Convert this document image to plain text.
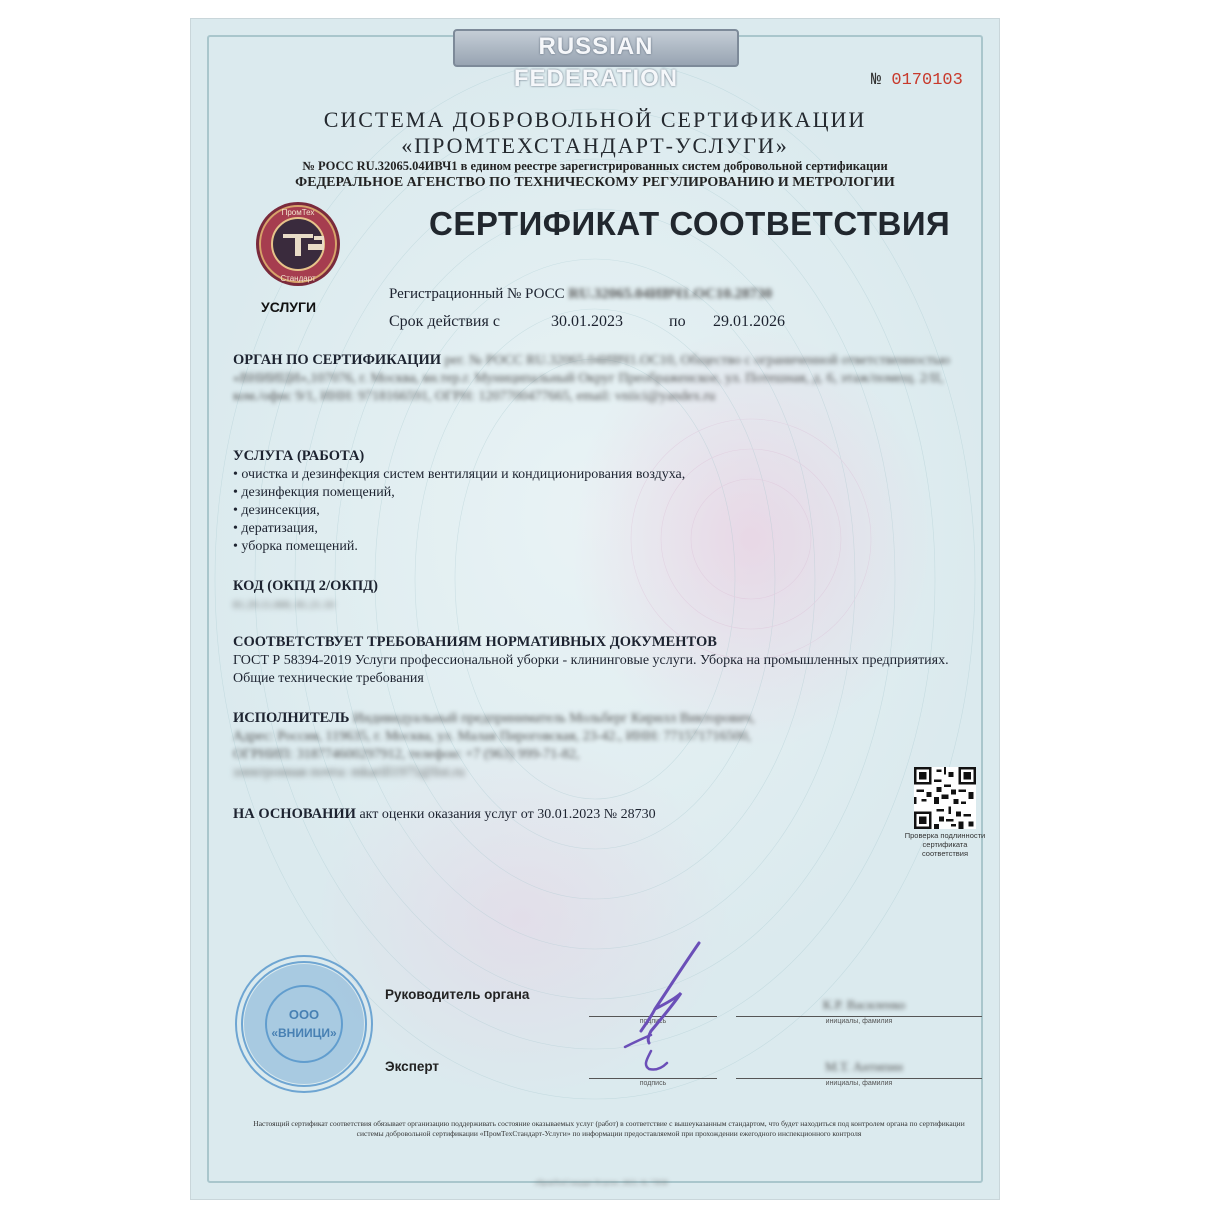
RUSSIAN FEDERATION	№ 0170103
СИСТЕМА ДОБРОВОЛЬНОЙ СЕРТИФИКАЦИИ
«ПРОМТЕХСТАНДАРТ-УСЛУГИ»
№ РОСС RU.32065.04ИВЧ1 в едином реестре зарегистрированных систем добровольной сертификации
ФЕДЕРАЛЬНОЕ АГЕНСТВО ПО ТЕХНИЧЕСКОМУ РЕГУЛИРОВАНИЮ И МЕТРОЛОГИИ
ПромТех
Стандарт
УСЛУГИ
СЕРТИФИКАТ СООТВЕТСТВИЯ
Регистрационный № РОСС RU.32065.04ИВЧ1.ОС10.28730
Срок действия с	30.01.2023	по 29.01.2026
ОРГАН ПО СЕРТИФИКАЦИИ рег. № РОСС RU.32065.04ИВЧ1.ОС10, Общество с ограниченной ответственностью «ВНИИЦИ»,107076, г. Москва, вн.тер.г. Муниципальный Округ Преображенское, ул. Потешная, д. 6, этаж/помещ. 2/II, ком./офис 9/1, ИНН: 9718166591, ОГРН: 1207700477665, email: vniici@yandex.ru
УСЛУГА (РАБОТА)
• очистка и дезинфекция систем вентиляции и кондиционирования воздуха,
• дезинфекция помещений,
• дезинсекция,
• дератизация,
• уборка помещений.
КОД (ОКПД 2/ОКПД)
81.29.11.000, 81.21.10
СООТВЕТСТВУЕТ ТРЕБОВАНИЯМ НОРМАТИВНЫХ ДОКУМЕНТОВ
ГОСТ Р 58394-2019 Услуги профессиональной уборки - клининговые услуги. Уборка на промышленных предприятиях. Общие технические требования
ИСПОЛНИТЕЛЬ Индивидуальный предприниматель Мольберг Кирилл Викторович,
Адрес: Россия, 119635, г. Москва, ул. Малая Пироговская, 23-42., ИНН: 771571716500,
ОГРНИП: 318774600297912, телефон: +7 (963) 999-71-82,
электронная почта: mkarill1975@list.ru
НА ОСНОВАНИИ акт оценки оказания услуг от 30.01.2023 № 28730
Проверка подлинности сертификата соответствия
ООО
«ВНИИЦИ»
Руководитель органа
подпись
К.Р. Василенко
инициалы, фамилия
Эксперт
подпись
М.Т. Антипин
инициалы, фамилия
Настоящий сертификат соответствия обязывает организацию поддерживать состояние оказываемых услуг (работ) в соответствие с вышеуказанным стандартом, что будет находиться под контролем органа по сертификации системы добровольной сертификации «ПромТехСтандарт-Услуги» по информации предоставляемой при прохождении ежегодного инспекционного контроля
«ПромТехСтандарт-Услуги», 2023, 16, 73930
